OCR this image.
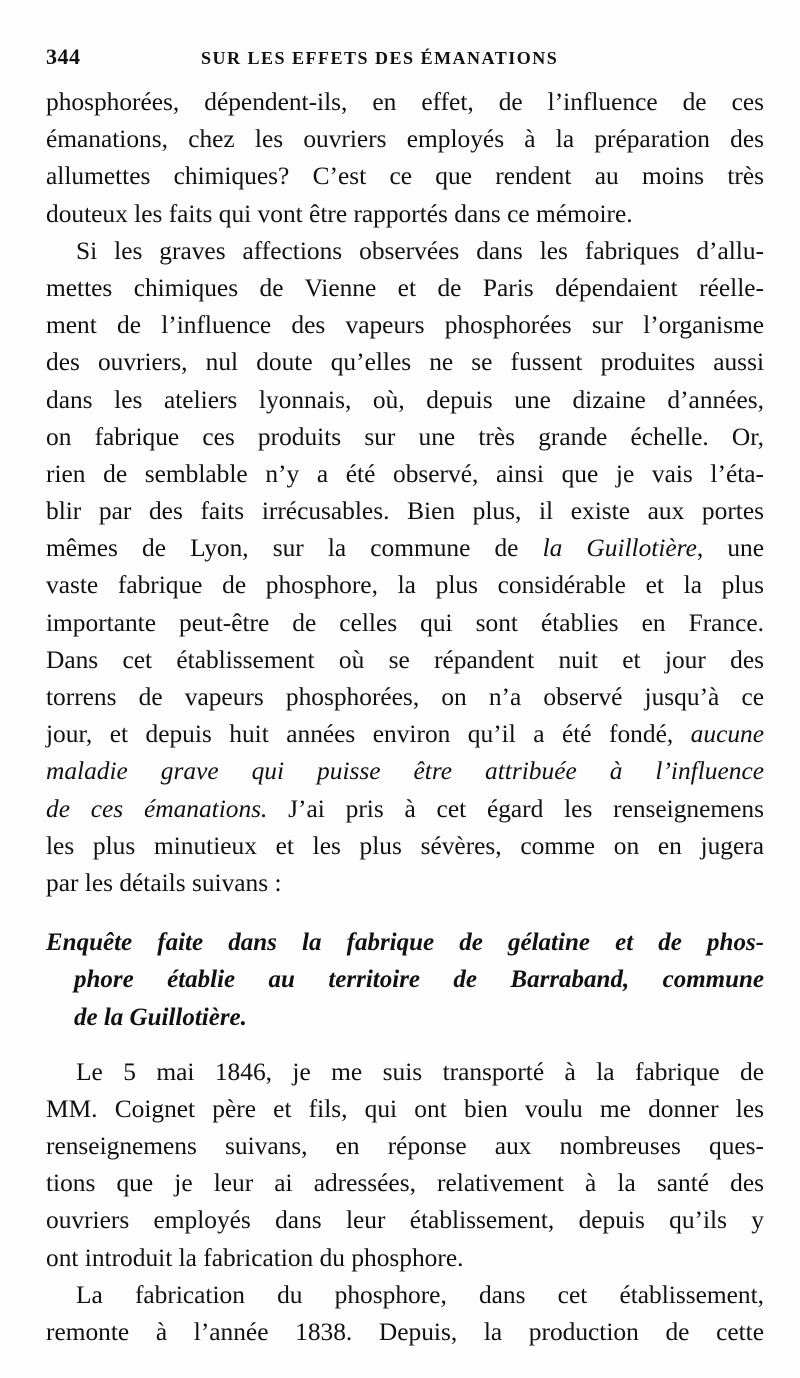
344	SUR LES EFFETS DES ÉMANATIONS
phosphorées, dépendent-ils, en effet, de l’influence de ces
émanations, chez les ouvriers employés à la préparation des
allumettes chimiques? C’est ce que rendent au moins très
douteux les faits qui vont être rapportés dans ce mémoire.
Si les graves affections observées dans les fabriques d’allu-
mettes chimiques de Vienne et de Paris dépendaient réelle-
ment de l’influence des vapeurs phosphorées sur l’organisme
des ouvriers, nul doute qu’elles ne se fussent produites aussi
dans les ateliers lyonnais, où, depuis une dizaine d’années,
on fabrique ces produits sur une très grande échelle. Or,
rien de semblable n’y a été observé, ainsi que je vais l’éta-
blir par des faits irrécusables. Bien plus, il existe aux portes
mêmes de Lyon, sur la commune de la Guillotière, une
vaste fabrique de phosphore, la plus considérable et la plus
importante peut-être de celles qui sont établies en France.
Dans cet établissement où se répandent nuit et jour des
torrens de vapeurs phosphorées, on n’a observé jusqu’à ce
jour, et depuis huit années environ qu’il a été fondé, aucune
maladie grave qui puisse être attribuée à l’influence
de ces émanations. J’ai pris à cet égard les renseignemens
les plus minutieux et les plus sévères, comme on en jugera
par les détails suivans :
Enquête faite dans la fabrique de gélatine et de phos-
phore établie au territoire de Barraband, commune
de la Guillotière.
Le 5 mai 1846, je me suis transporté à la fabrique de
MM. Coignet père et fils, qui ont bien voulu me donner les
renseignemens suivans, en réponse aux nombreuses ques-
tions que je leur ai adressées, relativement à la santé des
ouvriers employés dans leur établissement, depuis qu’ils y
ont introduit la fabrication du phosphore.
La fabrication du phosphore, dans cet établissement,
remonte à l’année 1838. Depuis, la production de cette
